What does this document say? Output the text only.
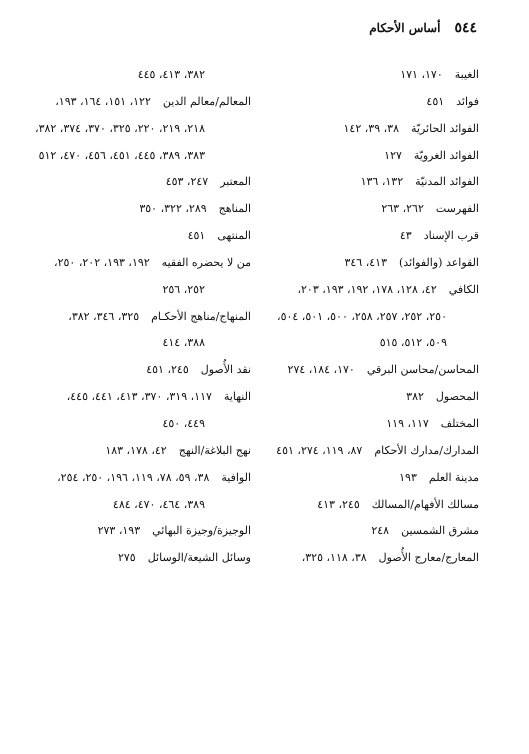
٥٤٤
أساس الأحكام
الغيبة١٧٠، ١٧١
فوائد٤٥١
الفوائد الحائريّة٣٨، ٣٩، ١٤٢
الفوائد الغرويّة١٢٧
الفوائد المدنيّة١٣٢، ١٣٦
الفهرست٢٦٢، ٢٦٣
قرب الإسناد٤٣
القواعد (والفوائد)٤١٣، ٣٤٦
الكافي٤٢، ١٢٨، ١٧٨، ١٩٢، ١٩٣، ٢٠٣،
٢٥٠، ٢٥٢، ٢٥٧، ٢٥٨، ٥٠٠، ٥٠١، ٥٠٤،
٥٠٩، ٥١٢، ٥١٥
المحاسن/محاسن البرقي١٧٠، ١٨٤، ٢٧٤
المحصول٣٨٢
المختلف١١٧، ١١٩
المدارك/مدارك الأحكام٨٧، ١١٩، ٢٧٤، ٤٥١
مدينة العلم١٩٣
مسالك الأفهام/المسالك٢٤٥، ٤١٣
مشرق الشمسين٢٤٨
المعارج/معارج الأُصول٣٨، ١١٨، ٣٢٥،
٣٨٢، ٤١٣، ٤٤٥
المعالم/معالم الدين١٢٢، ١٥١، ١٦٤، ١٩٣،
٢١٨، ٢١٩، ٢٢٠، ٣٢٥، ٣٧٠، ٣٧٤، ٣٨٢،
٣٨٣، ٣٨٩، ٤٤٥، ٤٥١، ٤٥٦، ٤٧٠، ٥١٢
المعتبر٢٤٧، ٤٥٣
المناهج٢٨٩، ٣٢٢، ٣٥٠
المنتهى٤٥١
من لا يحضره الفقيه١٩٢، ١٩٣، ٢٠٢، ٢٥٠،
٢٥٢، ٢٥٦
المنهاج/مناهج الأحكـام٣٢٥، ٣٤٦، ٣٨٢،
٣٨٨، ٤١٤
نقد الأُصول٢٤٥، ٤٥١
النهاية١١٧، ٣١٩، ٣٧٠، ٤١٣، ٤٤١، ٤٤٥،
٤٤٩، ٤٥٠
نهج البلاغة/النهج٤٢، ١٧٨، ١٨٣
الوافية٣٨، ٥٩، ٧٨، ١١٩، ١٩٦، ٢٥٠، ٢٥٤،
٣٨٩، ٤٦٤، ٤٧٠، ٤٨٤
الوجيزة/وجيزة البهائي١٩٣، ٢٧٣
وسائل الشيعة/الوسائل٢٧٥
